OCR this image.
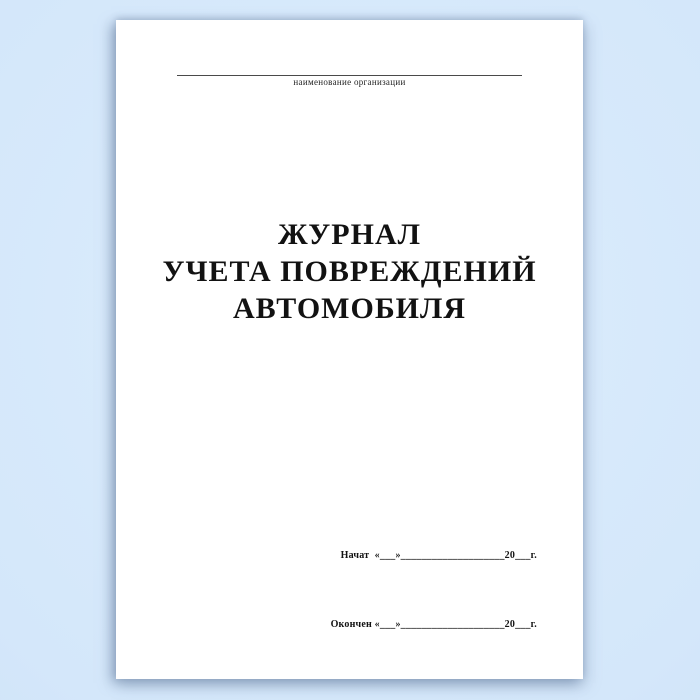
наименование организации
ЖУРНАЛ
УЧЕТА ПОВРЕЖДЕНИЙ
АВТОМОБИЛЯ

Начат  «___»____________________20___г.

Окончен «___»____________________20___г.
